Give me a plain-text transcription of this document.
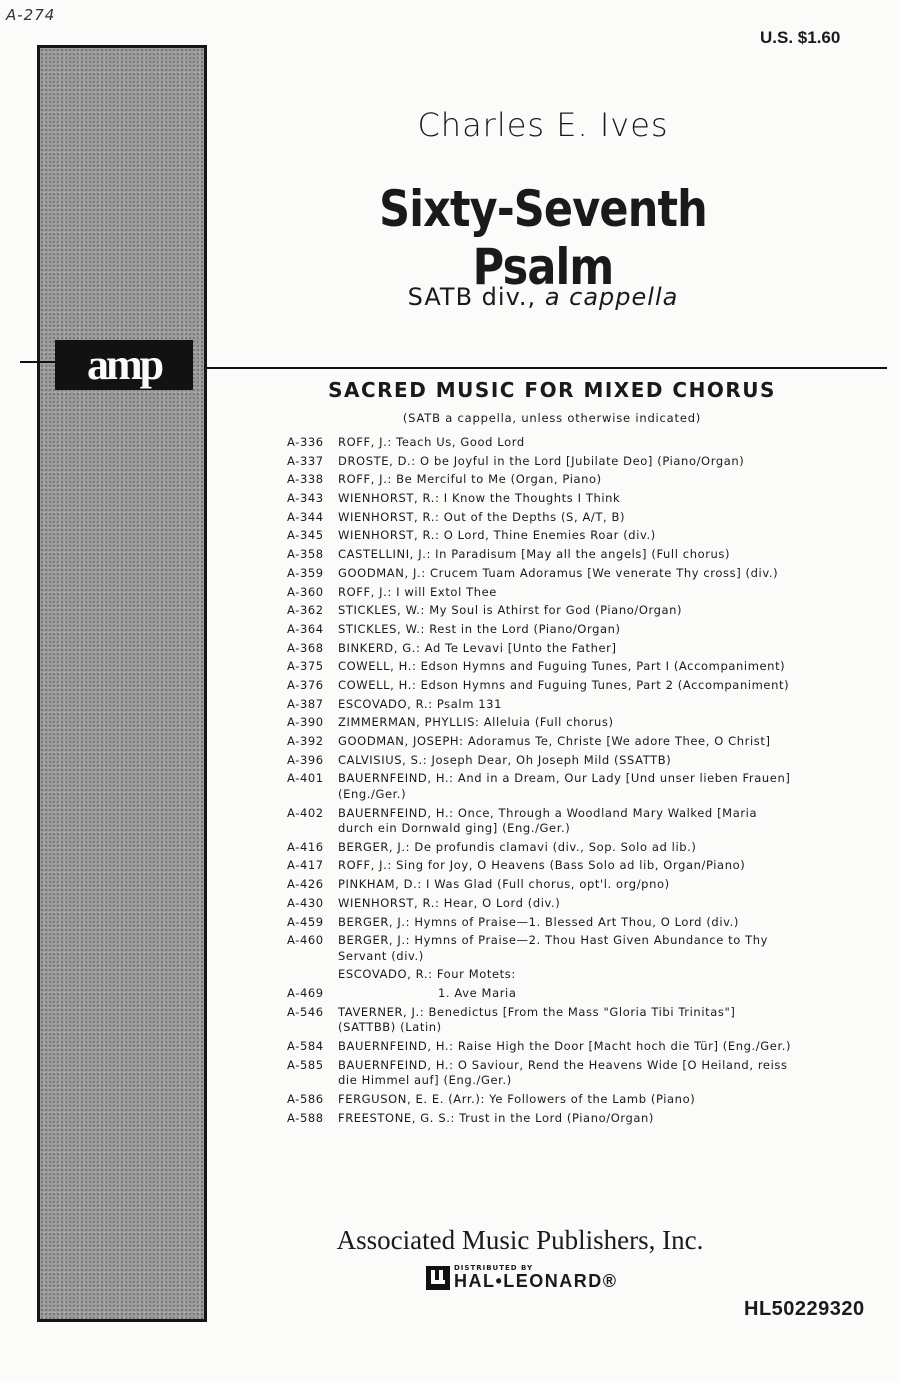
A-274
U.S. $1.60
amp
Charles E. Ives
Sixty-Seventh Psalm
SATB div., a cappella
SACRED MUSIC FOR MIXED CHORUS
(SATB a cappella, unless otherwise indicated)
A-336	ROFF, J.: Teach Us, Good Lord
A-337	DROSTE, D.: O be Joyful in the Lord [Jubilate Deo] (Piano/Organ)
A-338	ROFF, J.: Be Merciful to Me (Organ, Piano)
A-343	WIENHORST, R.: I Know the Thoughts I Think
A-344	WIENHORST, R.: Out of the Depths (S, A/T, B)
A-345	WIENHORST, R.: O Lord, Thine Enemies Roar (div.)
A-358	CASTELLINI, J.: In Paradisum [May all the angels] (Full chorus)
A-359	GOODMAN, J.: Crucem Tuam Adoramus [We venerate Thy cross] (div.)
A-360	ROFF, J.: I will Extol Thee
A-362	STICKLES, W.: My Soul is Athirst for God (Piano/Organ)
A-364	STICKLES, W.: Rest in the Lord (Piano/Organ)
A-368	BINKERD, G.: Ad Te Levavi [Unto the Father]
A-375	COWELL, H.: Edson Hymns and Fuguing Tunes, Part I (Accompaniment)
A-376	COWELL, H.: Edson Hymns and Fuguing Tunes, Part 2 (Accompaniment)
A-387	ESCOVADO, R.: Psalm 131
A-390	ZIMMERMAN, PHYLLIS: Alleluia (Full chorus)
A-392	GOODMAN, JOSEPH: Adoramus Te, Christe [We adore Thee, O Christ]
A-396	CALVISIUS, S.: Joseph Dear, Oh Joseph Mild (SSATTB)
A-401	BAUERNFEIND, H.: And in a Dream, Our Lady [Und unser lieben Frauen] (Eng./Ger.)
A-402	BAUERNFEIND, H.: Once, Through a Woodland Mary Walked [Maria durch ein Dornwald ging] (Eng./Ger.)
A-416	BERGER, J.: De profundis clamavi (div., Sop. Solo ad lib.)
A-417	ROFF, J.: Sing for Joy, O Heavens (Bass Solo ad lib, Organ/Piano)
A-426	PINKHAM, D.: I Was Glad (Full chorus, opt'l. org/pno)
A-430	WIENHORST, R.: Hear, O Lord (div.)
A-459	BERGER, J.: Hymns of Praise—1. Blessed Art Thou, O Lord (div.)
A-460	BERGER, J.: Hymns of Praise—2. Thou Hast Given Abundance to Thy Servant (div.)
ESCOVADO, R.: Four Motets:
A-469	1. Ave Maria
A-546	TAVERNER, J.: Benedictus [From the Mass "Gloria Tibi Trinitas"] (SATTBB) (Latin)
A-584	BAUERNFEIND, H.: Raise High the Door [Macht hoch die Tür] (Eng./Ger.)
A-585	BAUERNFEIND, H.: O Saviour, Rend the Heavens Wide [O Heiland, reiss die Himmel auf] (Eng./Ger.)
A-586	FERGUSON, E. E. (Arr.): Ye Followers of the Lamb (Piano)
A-588	FREESTONE, G. S.: Trust in the Lord (Piano/Organ)
Associated Music Publishers, Inc.
DISTRIBUTED BY
HAL•LEONARD®
HL50229320
